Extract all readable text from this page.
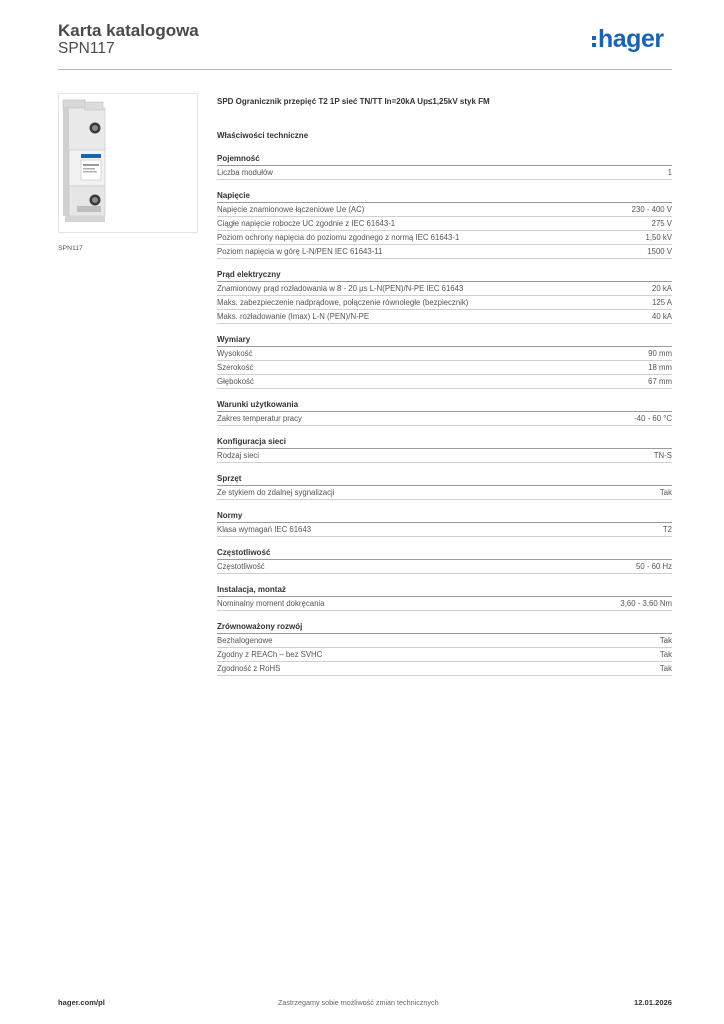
Karta katalogowa
SPN117	hager
SPN117
SPD Ogranicznik przepięć T2 1P sieć TN/TT In=20kA Up≤1,25kV styk FM
Właściwości techniczne
Pojemność
Liczba modułów	1
Napięcie
Napięcie znamionowe łączeniowe Ue (AC)	230 - 400 V
Ciągłe napięcie robocze UC zgodnie z IEC 61643-1	275 V
Poziom ochrony napięcia do poziomu zgodnego z normą IEC 61643-1	1,50 kV
Poziom napięcia w górę L-N/PEN IEC 61643-11	1500 V
Prąd elektryczny
Znamionowy prąd rozładowania w 8 - 20 µs L-N(PEN)/N-PE IEC 61643	20 kA
Maks. zabezpieczenie nadprądowe, połączenie równoległe (bezpiecznik)	125 A
Maks. rozładowanie (Imax) L-N (PEN)/N-PE	40 kA
Wymiary
Wysokość	90 mm
Szerokość	18 mm
Głębokość	67 mm
Warunki użytkowania
Zakres temperatur pracy	-40 - 60 °C
Konfiguracja sieci
Rodzaj sieci	TN-S
Sprzęt
Ze stykiem do zdalnej sygnalizacji	Tak
Normy
Klasa wymagań IEC 61643	T2
Częstotliwość
Częstotliwość	50 - 60 Hz
Instalacja, montaż
Nominalny moment dokręcania	3,60 - 3,60 Nm
Zrównoważony rozwój
Bezhalogenowe	Tak
Zgodny z REACh – bez SVHC	Tak
Zgodność z RoHS	Tak
hager.com/pl	Zastrzegamy sobie możliwość zmian technicznych	12.01.2026
